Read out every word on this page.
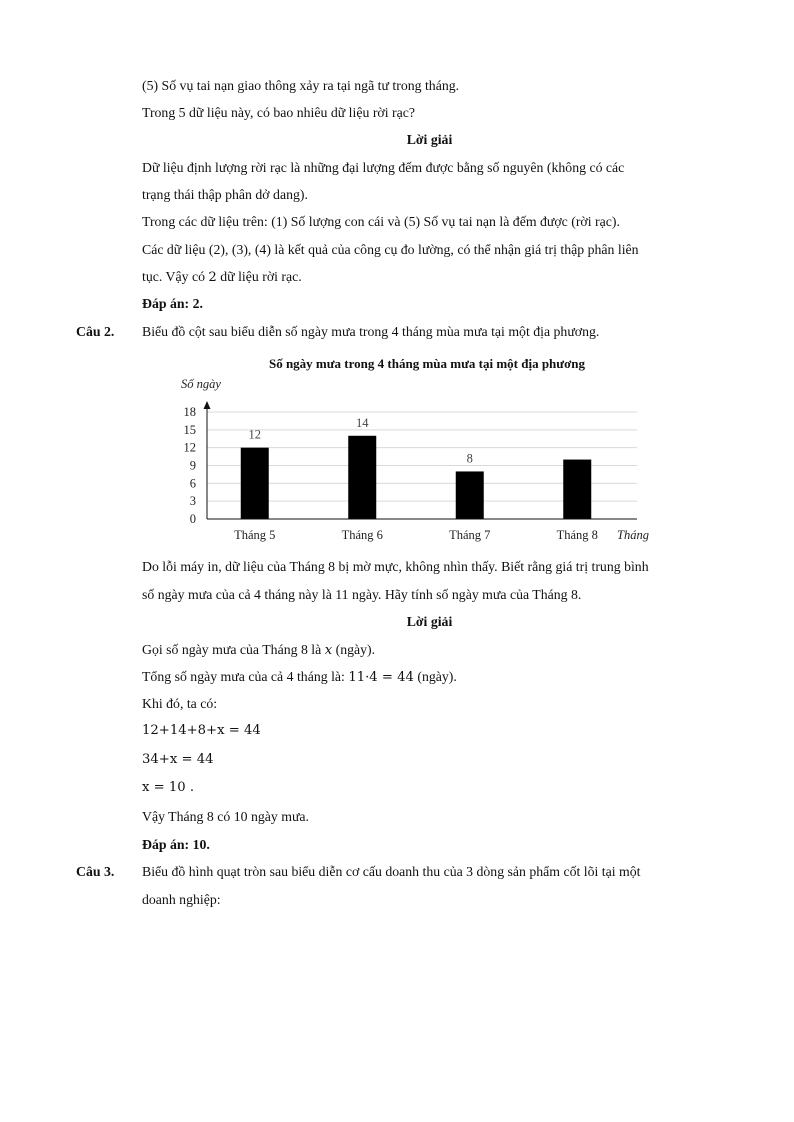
(5) Số vụ tai nạn giao thông xảy ra tại ngã tư trong tháng.
Trong 5 dữ liệu này, có bao nhiêu dữ liệu rời rạc?
Lời giải
Dữ liệu định lượng rời rạc là những đại lượng đếm được bằng số nguyên (không có các
trạng thái thập phân dở dang).
Trong các dữ liệu trên: (1) Số lượng con cái và (5) Số vụ tai nạn là đếm được (rời rạc).
Các dữ liệu (2), (3), (4) là kết quả của công cụ đo lường, có thể nhận giá trị thập phân liên
tục. Vậy có 2 dữ liệu rời rạc.
Đáp án: 2.
Câu 2.	Biểu đồ cột sau biểu diễn số ngày mưa trong 4 tháng mùa mưa tại một địa phương.
Số ngày mưa trong 4 tháng mùa mưa tại một địa phương
Số ngày
12
14
8
0
3
6
9
12
15
18
Tháng 5	Tháng 6	Tháng 7	Tháng 8 Tháng
Do lỗi máy in, dữ liệu của Tháng 8 bị mờ mực, không nhìn thấy. Biết rằng giá trị trung bình
số ngày mưa của cả 4 tháng này là 11 ngày. Hãy tính số ngày mưa của Tháng 8.
Lời giải
Gọi số ngày mưa của Tháng 8 là x (ngày).
Tổng số ngày mưa của cả 4 tháng là: 11·4 = 44 (ngày).
Khi đó, ta có:
12+14+8+x = 44
34+x = 44
x = 10 .
Vậy Tháng 8 có 10 ngày mưa.
Đáp án: 10.
Câu 3.	Biểu đồ hình quạt tròn sau biểu diễn cơ cấu doanh thu của 3 dòng sản phẩm cốt lõi tại một
doanh nghiệp:
